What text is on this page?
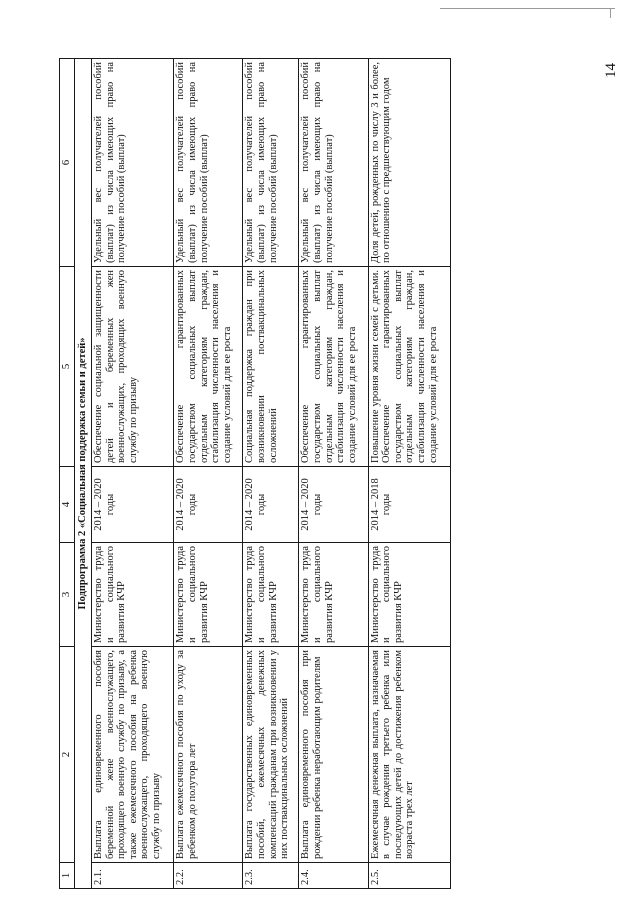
14
1	2	3	4	5	6
Подпрограмма 2 «Социальная поддержка семьи и детей»					
2.1.	Выплата единовременного пособия беременной жене военнослужащего, проходящего военную службу по призыву, а также ежемесячного пособия на ребенка военнослужащего, проходящего военную службу по призыву	Министерство труда и социального развития КЧР	2014 – 2020 годы	Обеспечение социальной защищенности детей и беременных жен военнослужащих, проходящих военную службу по призыву	Удельный вес получателей пособий (выплат) из числа имеющих право на получение пособий (выплат)
2.2.	Выплата ежемесячного пособия по уходу за ребенком до полутора лет	Министерство труда и социального развития КЧР	2014 – 2020 годы	Обеспечение гарантированных государством социальных выплат отдельным категориям граждан, стабилизация численности населения и создание условий для ее роста	Удельный вес получателей пособий (выплат) из числа имеющих право на получение пособий (выплат)
2.3.	Выплата государственных единовременных пособий, ежемесячных денежных компенсаций гражданам при возникновении у них поствакцинальных осложнений	Министерство труда и социального развития КЧР	2014 – 2020 годы	Социальная поддержка граждан при возникновении поствакцинальных осложнений	Удельный вес получателей пособий (выплат) из числа имеющих право на получение пособий (выплат)
2.4.	Выплата единовременного пособия при рождении ребенка неработающим родителям	Министерство труда и социального развития КЧР	2014 – 2020 годы	Обеспечение гарантированных государством социальных выплат отдельным категориям граждан, стабилизация численности населения и создание условий для ее роста	Удельный вес получателей пособий (выплат) из числа имеющих право на получение пособий (выплат)
2.5.	Ежемесячная денежная выплата, назначаемая в случае рождения третьего ребенка или последующих детей до достижения ребенком возраста трех лет	Министерство труда и социального развития КЧР	2014 – 2018 годы	Повышение уровня жизни семей с детьми. Обеспечение гарантированных государством социальных выплат отдельным категориям граждан, стабилизация численности населения и создание условий для ее роста	Доля детей, рожденных по числу 3 и более, по отношению с предшествующим годом
